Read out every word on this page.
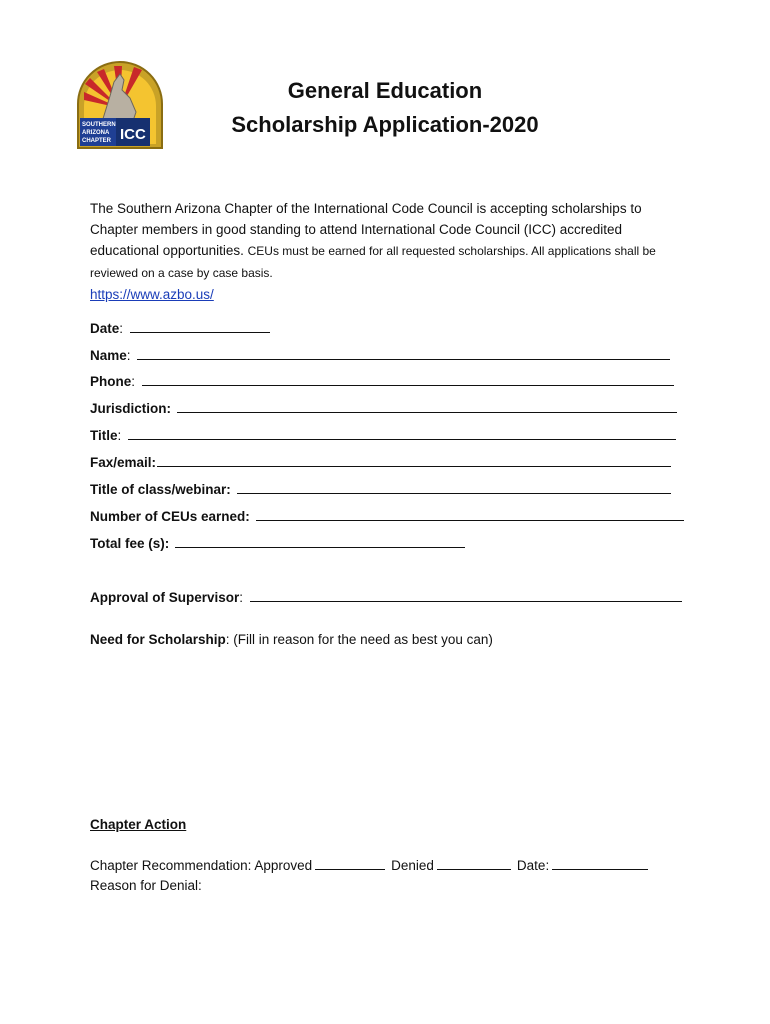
SOUTHERN
ARIZONA
CHAPTER ICC
General Education
Scholarship Application-2020
The Southern Arizona Chapter of the International Code Council is accepting scholarships to Chapter members in good standing to attend International Code Council (ICC) accredited educational opportunities. CEUs must be earned for all requested scholarships. All applications shall be reviewed on a case by case basis.
https://www.azbo.us/
Date :
Name :
Phone :
Jurisdiction:
Title :
Fax/email:
Title of class/webinar:
Number of CEUs earned:
Total fee (s):
Approval of Supervisor :
Need for Scholarship: (Fill in reason for the need as best you can)
Chapter Action
Chapter Recommendation: Approved	Denied	Date:
Reason for Denial:
